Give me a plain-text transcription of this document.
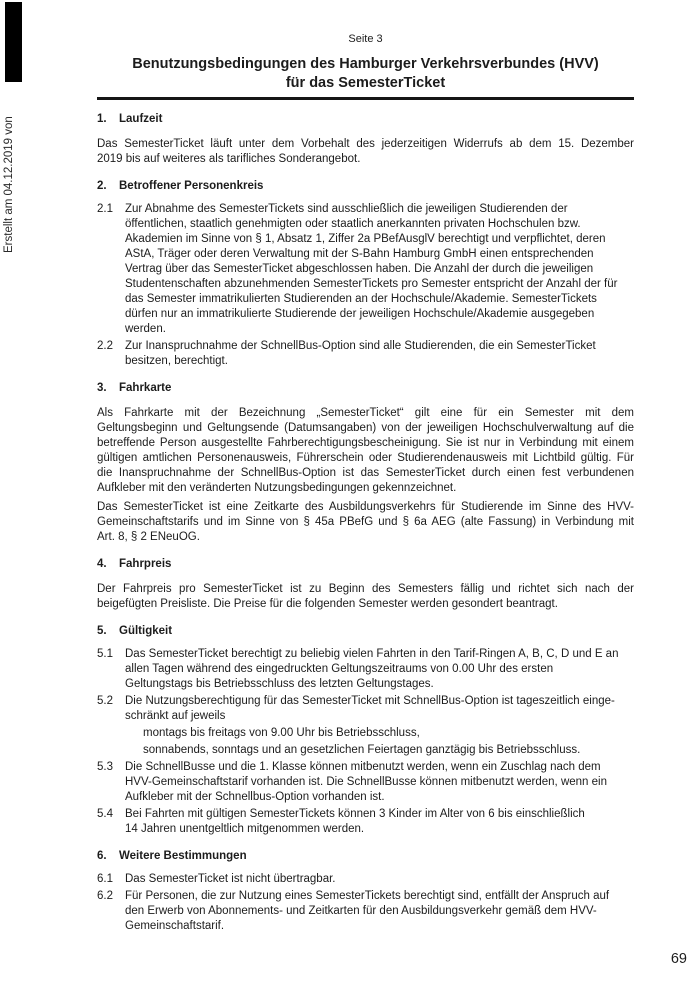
Erstellt am 04.12.2019 von
Seite 3
Benutzungsbedingungen des Hamburger Verkehrsverbundes (HVV)
für das SemesterTicket
1.	Laufzeit
Das SemesterTicket läuft unter dem Vorbehalt des jederzeitigen Widerrufs ab dem 15. Dezember
2019 bis auf weiteres als tarifliches Sonderangebot.
2.	Betroffener Personenkreis
2.1	Zur Abnahme des SemesterTickets sind ausschließlich die jeweiligen Studierenden der
öffentlichen, staatlich genehmigten oder staatlich anerkannten privaten Hochschulen bzw.
Akademien im Sinne von § 1, Absatz 1, Ziffer 2a PBefAusglV berechtigt und verpflichtet, deren
AStA, Träger oder deren Verwaltung mit der S-Bahn Hamburg GmbH einen entsprechenden
Vertrag über das SemesterTicket abgeschlossen haben. Die Anzahl der durch die jeweiligen
Studentenschaften abzunehmenden SemesterTickets pro Semester entspricht der Anzahl der für
das Semester immatrikulierten Studierenden an der Hochschule/Akademie. SemesterTickets
dürfen nur an immatrikulierte Studierende der jeweiligen Hochschule/Akademie ausgegeben
werden.
2.2	Zur Inanspruchnahme der SchnellBus-Option sind alle Studierenden, die ein SemesterTicket
besitzen, berechtigt.
3.	Fahrkarte
Als Fahrkarte mit der Bezeichnung „SemesterTicket“ gilt eine für ein Semester mit dem
Geltungsbeginn und Geltungsende (Datumsangaben) von der jeweiligen Hochschulverwaltung auf die
betreffende Person ausgestellte Fahrberechtigungsbescheinigung. Sie ist nur in Verbindung mit einem
gültigen amtlichen Personenausweis, Führerschein oder Studierendenausweis mit Lichtbild gültig. Für
die Inanspruchnahme der SchnellBus-Option ist das SemesterTicket durch einen fest verbundenen
Aufkleber mit den veränderten Nutzungsbedingungen gekennzeichnet.
Das SemesterTicket ist eine Zeitkarte des Ausbildungsverkehrs für Studierende im Sinne des HVV-
Gemeinschaftstarifs und im Sinne von § 45a PBefG und § 6a AEG (alte Fassung) in Verbindung mit
Art. 8, § 2 ENeuOG.
4.	Fahrpreis
Der Fahrpreis pro SemesterTicket ist zu Beginn des Semesters fällig und richtet sich nach der
beigefügten Preisliste. Die Preise für die folgenden Semester werden gesondert beantragt.
5.	Gültigkeit
5.1	Das SemesterTicket berechtigt zu beliebig vielen Fahrten in den Tarif-Ringen A, B, C, D und E an
allen Tagen während des eingedruckten Geltungszeitraums von 0.00 Uhr des ersten
Geltungstags bis Betriebsschluss des letzten Geltungstages.
5.2	Die Nutzungsberechtigung für das SemesterTicket mit SchnellBus-Option ist tageszeitlich einge-
schränkt auf jeweils
montags bis freitags von 9.00 Uhr bis Betriebsschluss,
sonnabends, sonntags und an gesetzlichen Feiertagen ganztägig bis Betriebsschluss.
5.3	Die SchnellBusse und die 1. Klasse können mitbenutzt werden, wenn ein Zuschlag nach dem
HVV-Gemeinschaftstarif vorhanden ist. Die SchnellBusse können mitbenutzt werden, wenn ein
Aufkleber mit der Schnellbus-Option vorhanden ist.
5.4	Bei Fahrten mit gültigen SemesterTickets können 3 Kinder im Alter von 6 bis einschließlich
14 Jahren unentgeltlich mitgenommen werden.
6.	Weitere Bestimmungen
6.1	Das SemesterTicket ist nicht übertragbar.
6.2	Für Personen, die zur Nutzung eines SemesterTickets berechtigt sind, entfällt der Anspruch auf
den Erwerb von Abonnements- und Zeitkarten für den Ausbildungsverkehr gemäß dem HVV-
Gemeinschaftstarif.
69
